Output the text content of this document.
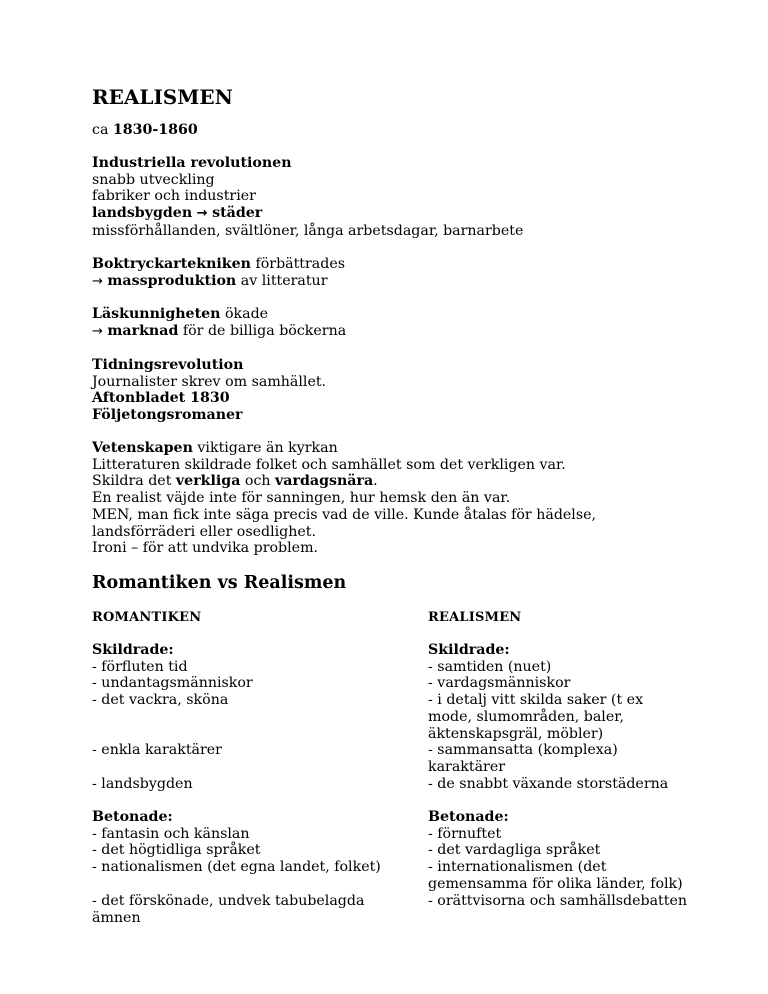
REALISMEN
ca 1830-1860
Industriella revolutionen
snabb utveckling
fabriker och industrier
landsbygden → städer
missförhållanden, svältlöner, långa arbetsdagar, barnarbete
Boktryckartekniken förbättrades
→ massproduktion av litteratur
Läskunnigheten ökade
→ marknad för de billiga böckerna
Tidningsrevolution
Journalister skrev om samhället.
Aftonbladet 1830
Följetongsromaner
Vetenskapen viktigare än kyrkan
Litteraturen skildrade folket och samhället som det verkligen var.
Skildra det verkliga och vardagsnära.
En realist väjde inte för sanningen, hur hemsk den än var.
MEN, man fick inte säga precis vad de ville. Kunde åtalas för hädelse, landsförräderi eller osedlighet.
Ironi – för att undvika problem.
Romantiken vs Realismen
ROMANTIKEN
Skildrade:
- förfluten tid
- undantagsmänniskor
- det vackra, sköna
- enkla karaktärer
- landsbygden
Betonade:
- fantasin och känslan
- det högtidliga språket
- nationalismen (det egna landet, folket)
- det förskönade, undvek tabubelagda ämnen
REALISMEN
Skildrade:
- samtiden (nuet)
- vardagsmänniskor
- i detalj vitt skilda saker (t ex mode, slumområden, baler, äktenskapsgräl, möbler)
- sammansatta (komplexa) karaktärer
- de snabbt växande storstäderna
Betonade:
- förnuftet
- det vardagliga språket
- internationalismen (det gemensamma för olika länder, folk)
- orättvisorna och samhällsdebatten
